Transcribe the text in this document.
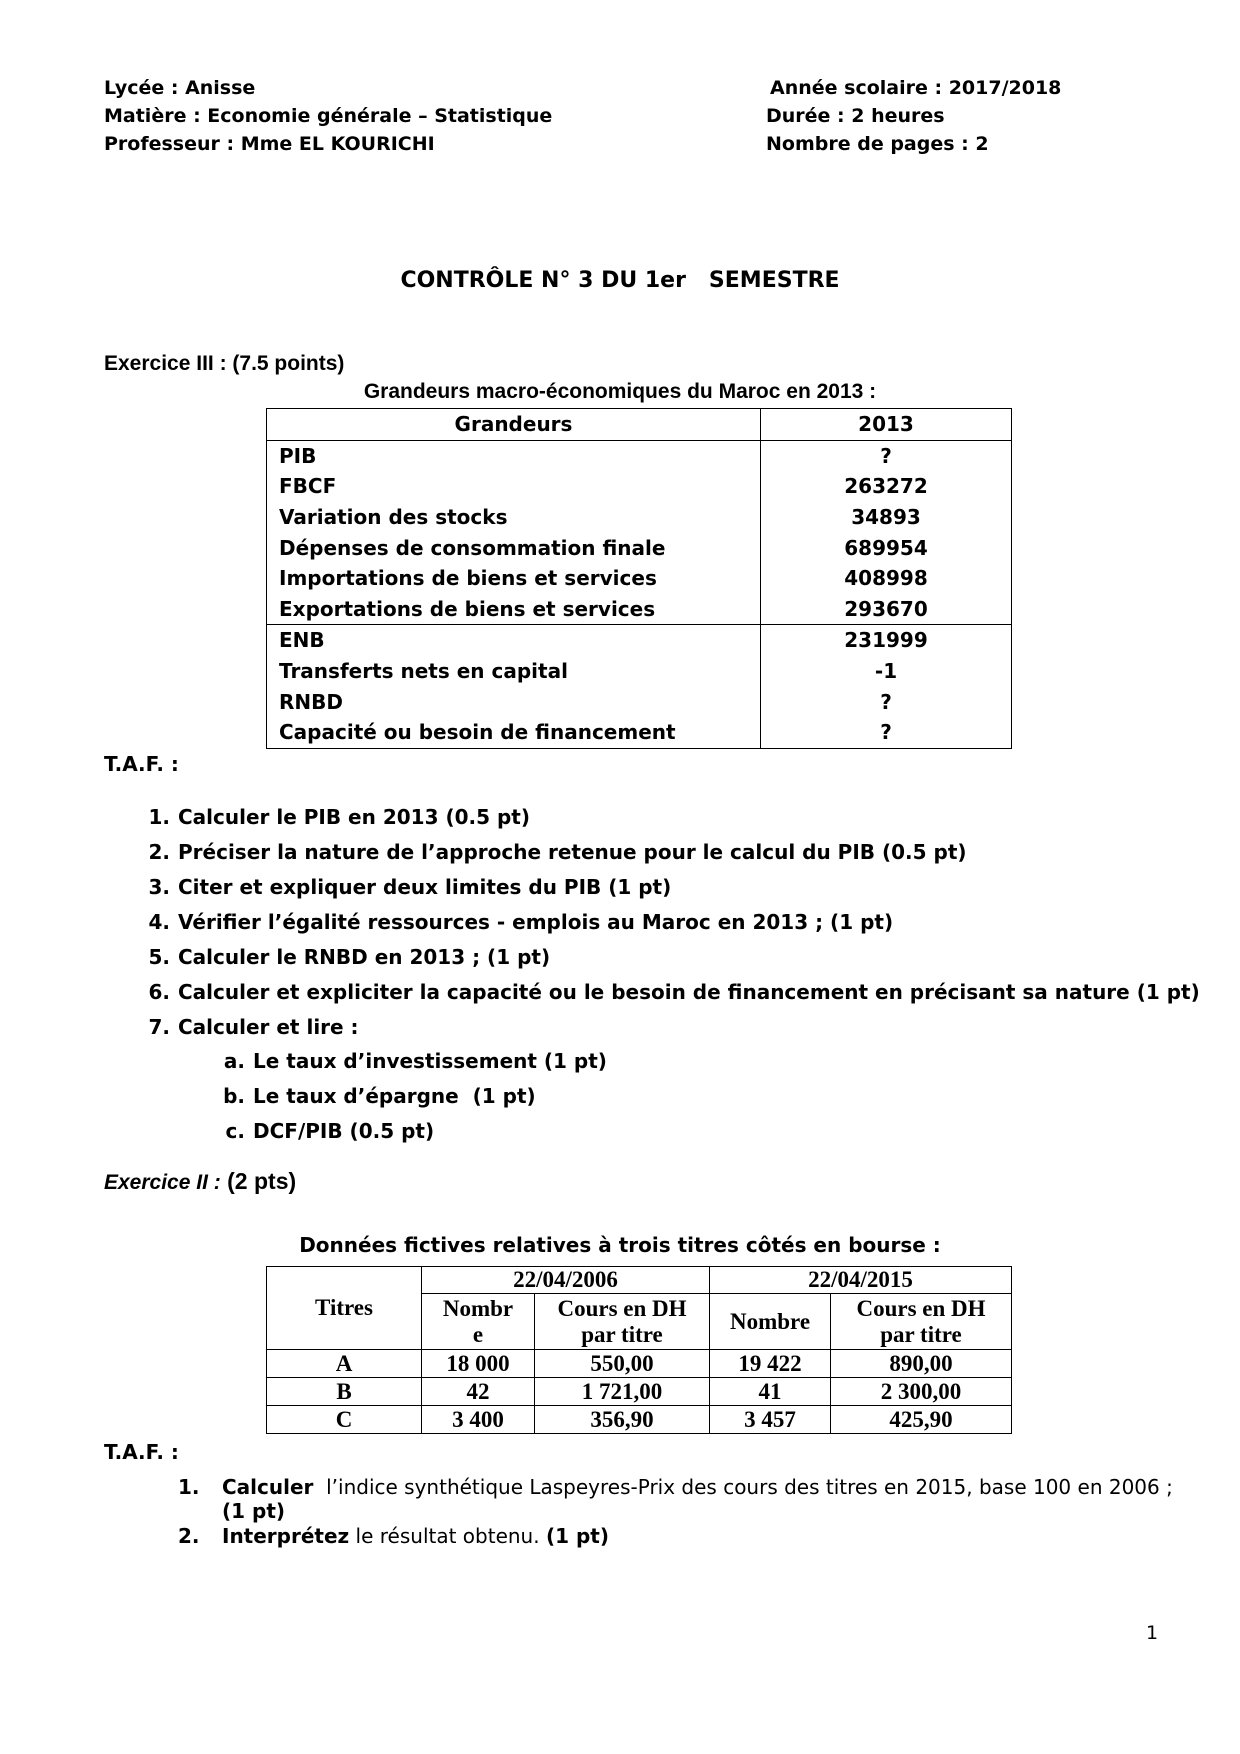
Lycée : Anisse
Matière : Economie générale – Statistique
Professeur : Mme EL KOURICHI
Année scolaire : 2017/2018
Durée : 2 heures
Nombre de pages : 2
CONTRÔLE N° 3 DU 1er   SEMESTRE
Exercice III : (7.5 points)
Grandeurs macro-économiques du Maroc en 2013 :
Grandeurs	2013
PIB	?
FBCF	263272
Variation des stocks	34893
Dépenses de consommation finale	689954
Importations de biens et services	408998
Exportations de biens et services	293670
ENB	231999
Transferts nets en capital	-1
RNBD	?
Capacité ou besoin de financement	?
T.A.F. :
1. Calculer le PIB en 2013 (0.5 pt)
2. Préciser la nature de l’approche retenue pour le calcul du PIB (0.5 pt)
3. Citer et expliquer deux limites du PIB (1 pt)
4. Vérifier l’égalité ressources - emplois au Maroc en 2013 ; (1 pt)
5. Calculer le RNBD en 2013 ; (1 pt)
6. Calculer et expliciter la capacité ou le besoin de financement en précisant sa nature (1 pt)
7. Calculer et lire :
a. Le taux d’investissement (1 pt)
b. Le taux d’épargne  (1 pt)
c. DCF/PIB (0.5 pt)
Exercice II : (2 pts)
Données fictives relatives à trois titres côtés en bourse :
Titres	22/04/2006		22/04/2015	

	Nombr e	Cours en DH par titre	Nombre	Cours en DH par titre

A	18 000	550,00	19 422	890,00
B	42	1 721,00	41	2 300,00
C	3 400	356,90	3 457	425,90
T.A.F. :
1. Calculer  l’indice synthétique Laspeyres-Prix des cours des titres en 2015, base 100 en 2006 ;
(1 pt)
2. Interprétez le résultat obtenu. (1 pt)
1
